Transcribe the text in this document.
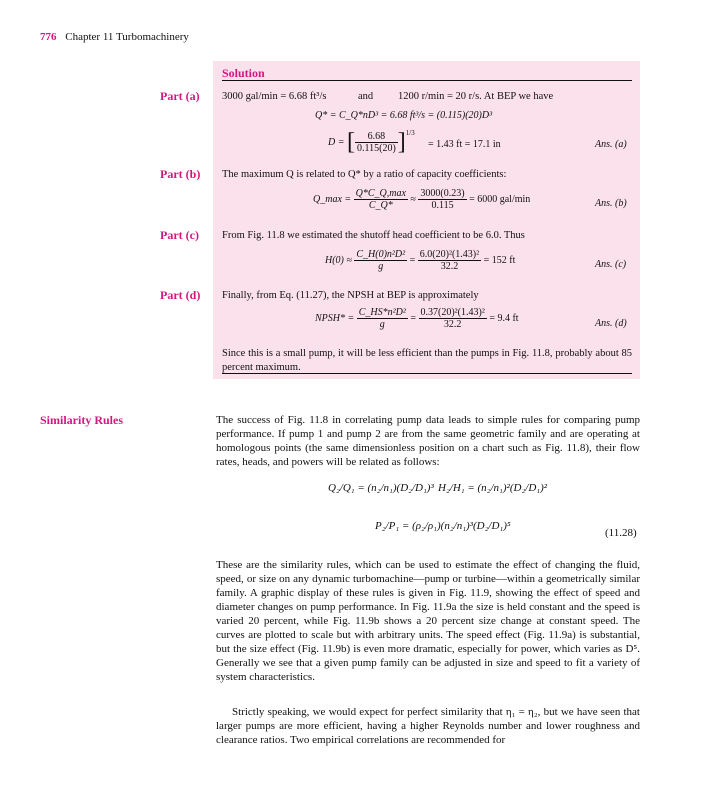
776 Chapter 11 Turbomachinery
Solution
Part (a) 3000 gal/min = 6.68 ft³/s	and 1200 r/min = 20 r/s. At BEP we have
Q* = C_Q*nD³ = 6.68 ft³/s = (0.115)(20)D³
D = [ $\frac{6.68}{0.115(20)} ]^{1/3}$
= 1.43 ft = 17.1 in	Ans. (a)
Part (b) The maximum Q is related to Q* by a ratio of capacity coefficients:
Q_max = $\frac{Q*C\_Q,\max}{C\_Q*} \approx \frac{3000(0.23)}{0.115} = 6000$ gal/min	Ans. (b)
Part (c) From Fig. 11.8 we estimated the shutoff head coefficient to be 6.0. Thus
$H(0) \approx \frac{\text{C\_H(0)n²D²}}{g} = \frac{\text{6.0(20)²(1.43)²}}{32.2} = 152$ ft	Ans. (c)
Part (d) Finally, from Eq. (11.27), the NPSH at BEP is approximately
NPSH* = $\frac{\text{C\_HS*n²D²}}{g} = \frac{\text{0.37(20)²(1.43)²}}{32.2} = 9.4$ ft	Ans. (d)
Since this is a small pump, it will be less efficient than the pumps in Fig. 11.8, probably about 85 percent maximum.
Similarity Rules	The success of Fig. 11.8 in correlating pump data leads to simple rules for comparing pump performance. If pump 1 and pump 2 are from the same geometric family and are operating at homologous points (the same dimensionless position on a chart such as Fig. 11.8), their flow rates, heads, and powers will be related as follows:
Q₂/Q₁ = (n₂/n₁)(D₂/D₁)³ H₂/H₁ = (n₂/n₁)²(D₂/D₁)²
P₂/P₁ = (ρ₂/ρ₁)(n₂/n₁)³(D₂/D₁)⁵
(11.28)
These are the similarity rules, which can be used to estimate the effect of changing the fluid, speed, or size on any dynamic turbomachine—pump or turbine—within a geometrically similar family. A graphic display of these rules is given in Fig. 11.9, showing the effect of speed and diameter changes on pump performance. In Fig. 11.9a the size is held constant and the speed is varied 20 percent, while Fig. 11.9b shows a 20 percent size change at constant speed. The curves are plotted to scale but with arbitrary units. The speed effect (Fig. 11.9a) is substantial, but the size effect (Fig. 11.9b) is even more dramatic, especially for power, which varies as D⁵. Generally we see that a given pump family can be adjusted in size and speed to fit a variety of system characteristics.
Strictly speaking, we would expect for perfect similarity that η₁ = η₂, but we have seen that larger pumps are more efficient, having a higher Reynolds number and lower roughness and clearance ratios. Two empirical correlations are recommended for
